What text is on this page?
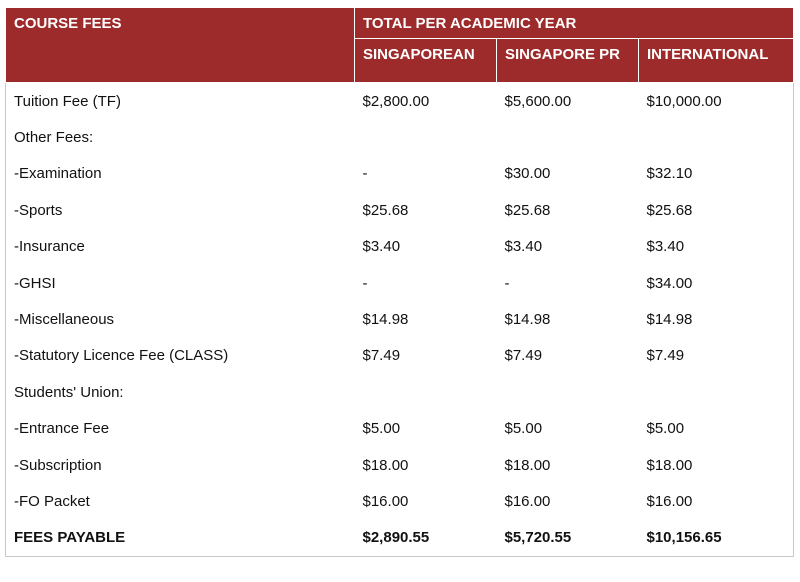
COURSE FEES	TOTAL PER ACADEMIC YEAR		
	SINGAPOREAN	SINGAPORE PR	INTERNATIONAL
Tuition Fee (TF)	$2,800.00	$5,600.00	$10,000.00
Other Fees:			
-Examination	-	$30.00	$32.10
-Sports	$25.68	$25.68	$25.68
-Insurance	$3.40	$3.40	$3.40
-GHSI	-	-	$34.00
-Miscellaneous	$14.98	$14.98	$14.98
-Statutory Licence Fee (CLASS)	$7.49	$7.49	$7.49
Students' Union:			
-Entrance Fee	$5.00	$5.00	$5.00
-Subscription	$18.00	$18.00	$18.00
-FO Packet	$16.00	$16.00	$16.00
FEES PAYABLE	$2,890.55	$5,720.55	$10,156.65
